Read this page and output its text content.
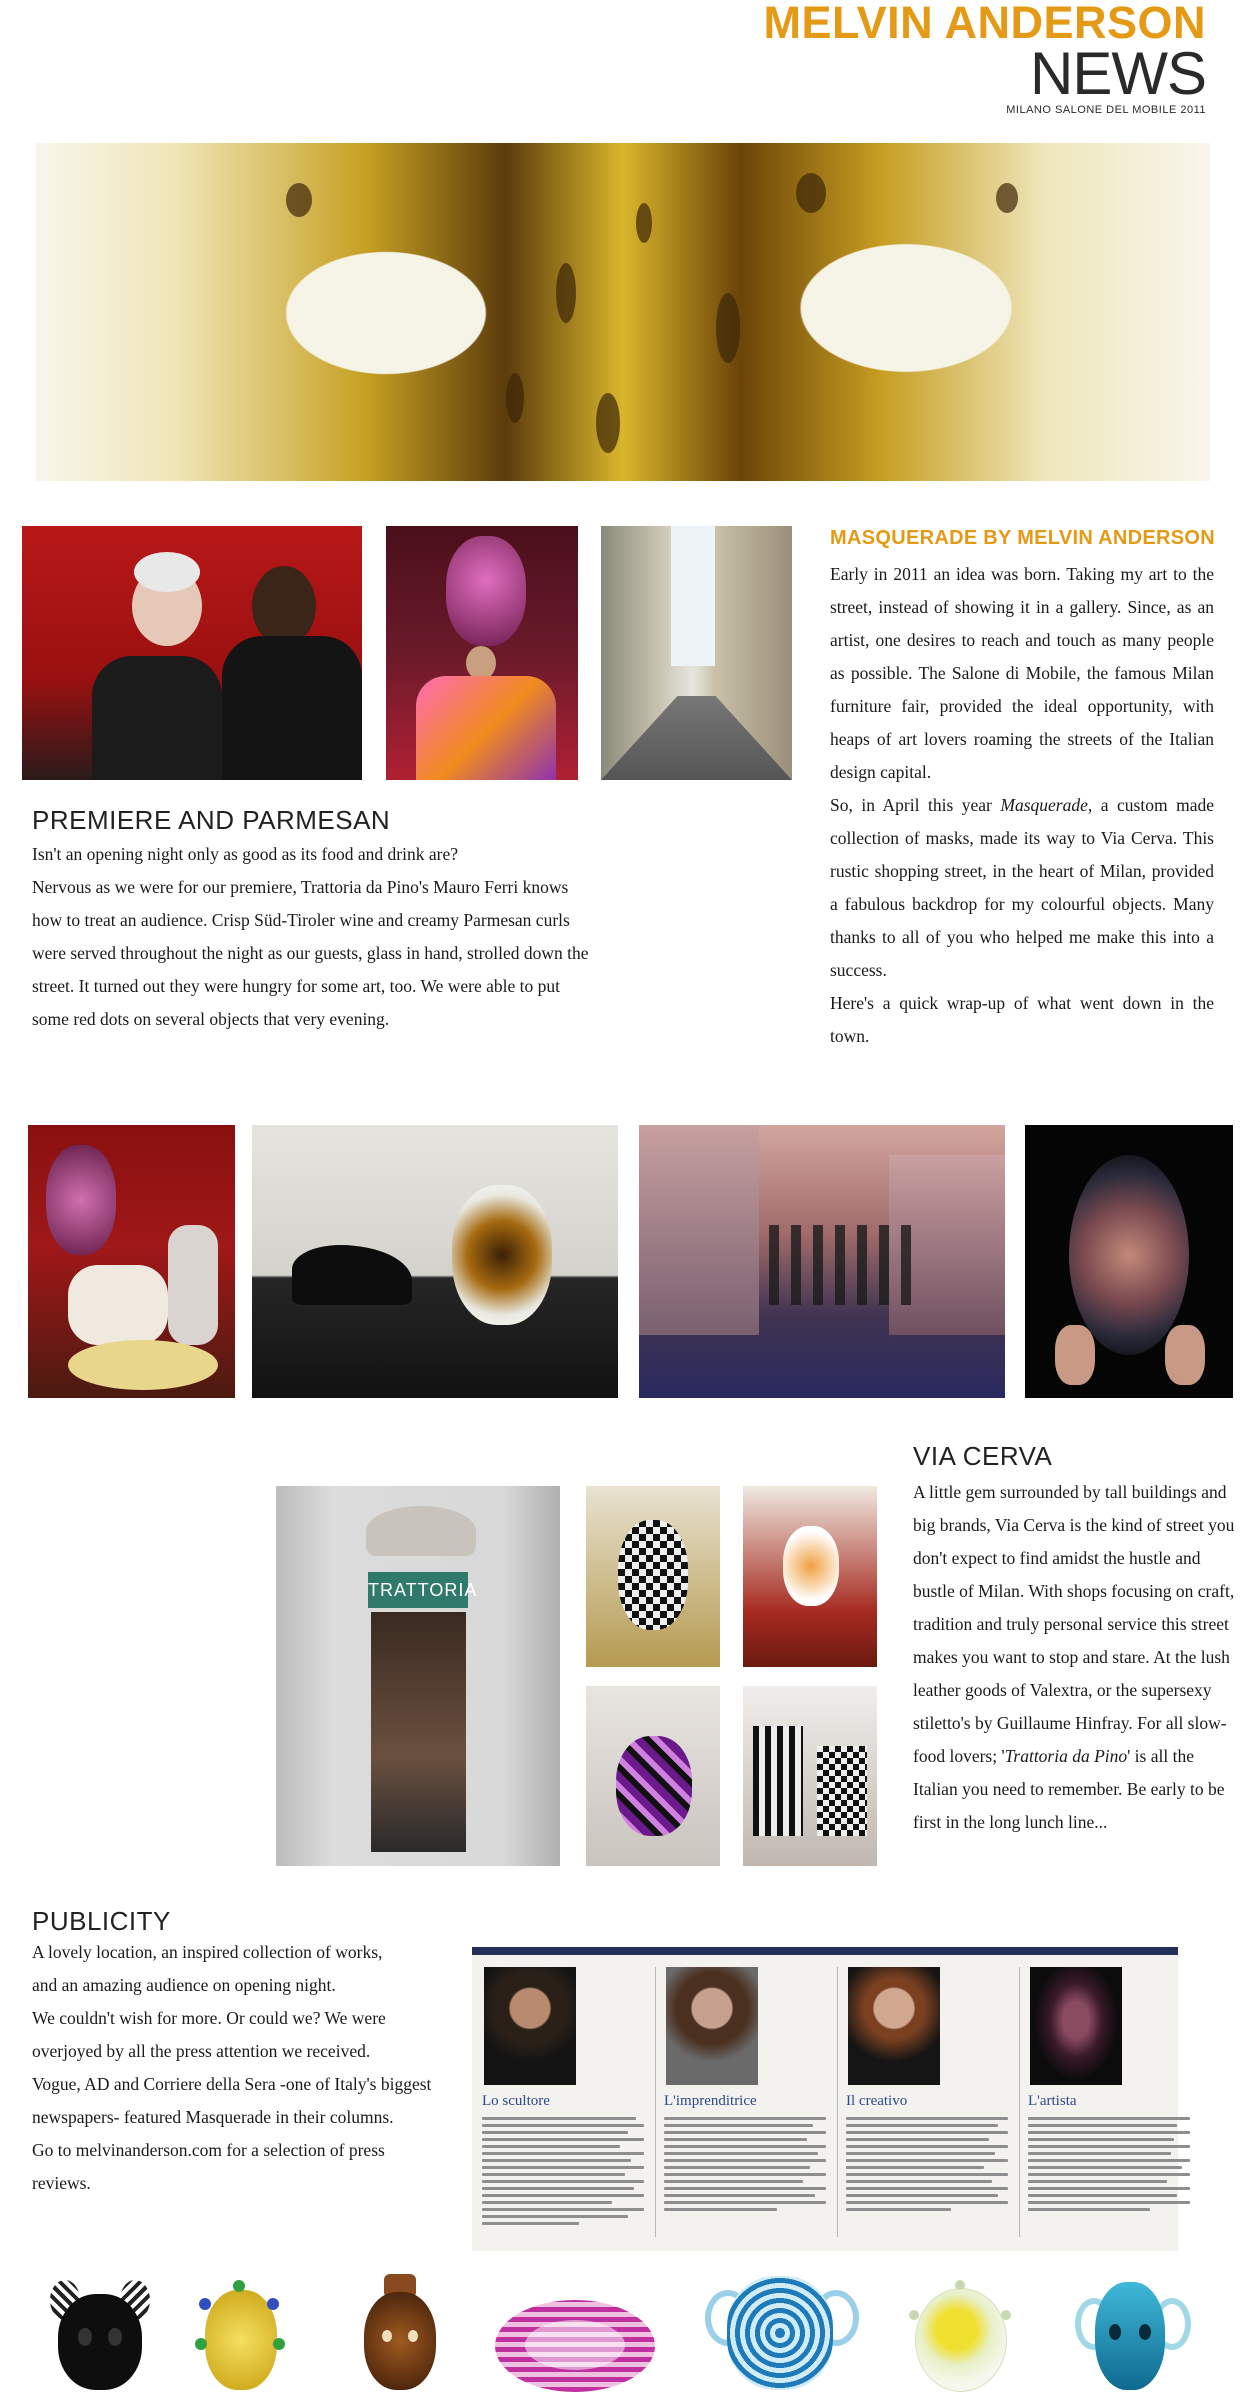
MELVIN ANDERSON
NEWS
MILANO SALONE DEL MOBILE 2011
MASQUERADE BY MELVIN ANDERSON

Early in 2011 an idea was born. Taking my art to the street, instead of showing it in a gallery. Since, as an artist, one desires to reach and touch as many people as possible. The Salone di Mobile, the famous Milan furniture fair, provided the ideal opportunity, with heaps of art lovers roaming the streets of the Italian design capital.

So, in April this year Masquerade, a custom made collection of masks, made its way to Via Cerva. This rustic shopping street, in the heart of Milan, provided a fabulous backdrop for my colourful objects. Many thanks to all of you who helped me make this into a success.

Here's a quick wrap-up of what went down in the town.

PREMIERE AND PARMESAN

Isn't an opening night only as good as its food and drink are?

Nervous as we were for our premiere, Trattoria da Pino's Mauro Ferri knows how to treat an audience. Crisp Süd-Tiroler wine and creamy Parmesan curls were served throughout the night as our guests, glass in hand, strolled down the street. It turned out they were hungry for some art, too. We were able to put some red dots on several objects that very evening.

TRATTORIA
VIA CERVA

A little gem surrounded by tall buildings and big brands, Via Cerva is the kind of street you don't expect to find amidst the hustle and bustle of Milan. With shops focusing on craft, tradition and truly personal service this street makes you want to stop and stare. At the lush leather goods of Valextra, or the supersexy stiletto's by Guillaume Hinfray. For all slow-food lovers; 'Trattoria da Pino' is all the Italian you need to remember. Be early to be first in the long lunch line...

PUBLICITY

A lovely location, an inspired collection of works,

and an amazing audience on opening night.

We couldn't wish for more. Or could we? We were

overjoyed by all the press attention we received.

Vogue, AD and Corriere della Sera -one of Italy's biggest

newspapers- featured Masquerade in their columns.

Go to melvinanderson.com for a selection of press

reviews.

Lo scultore	L'imprenditrice	Il creativo	L'artista
